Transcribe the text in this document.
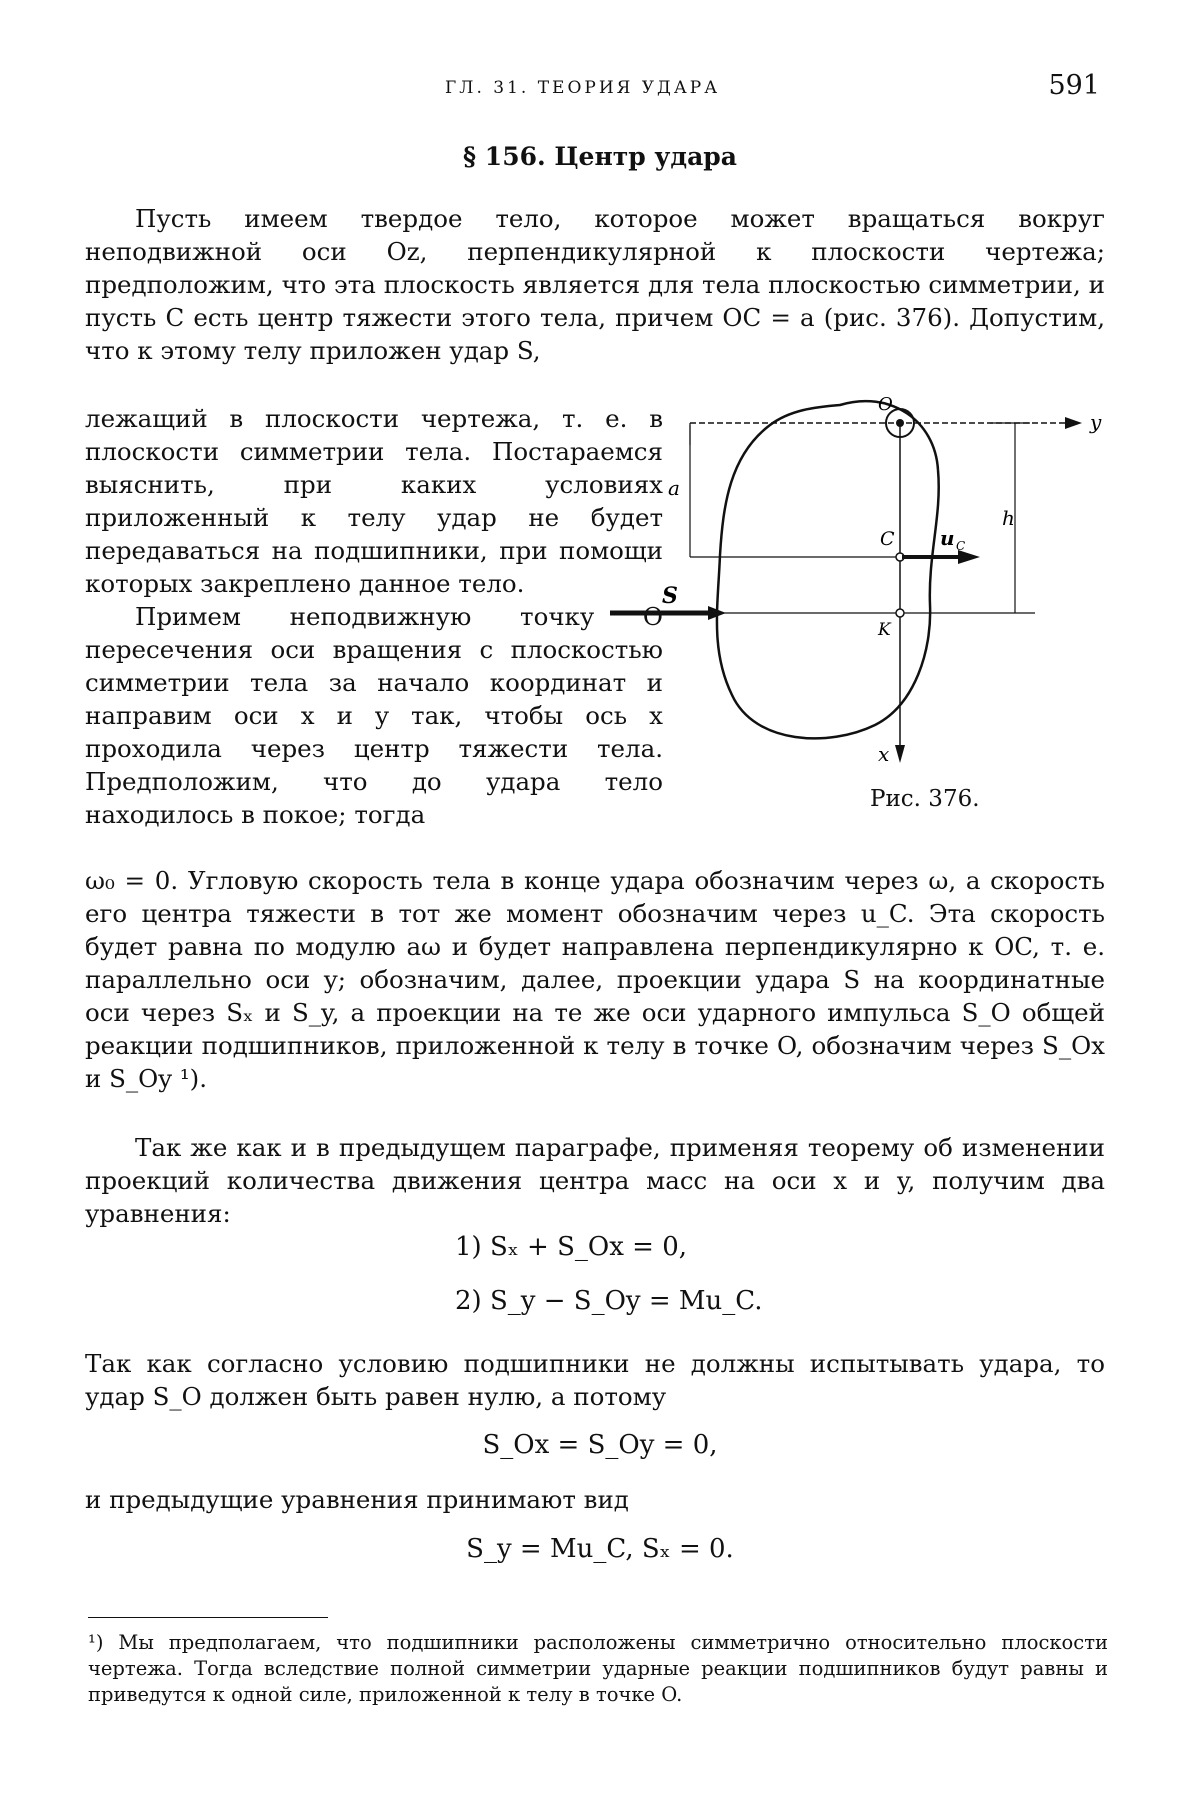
ГЛ. 31. ТЕОРИЯ УДАРА	591
§ 156. Центр удара
Пусть имеем твердое тело, которое может вращаться вокруг неподвижной оси Oz, перпендикулярной к плоскости чертежа; предположим, что эта плоскость является для тела плоскостью симметрии, и пусть C есть центр тяжести этого тела, причем OC = a (рис. 376). Допустим, что к этому телу приложен удар S,
лежащий в плоскости чертежа, т. е. в плоскости симметрии тела. Постараемся выяснить, при каких условиях приложенный к телу удар не будет передаваться на подшипники, при помощи которых закреплено данное тело.
Примем неподвижную точку O пересечения оси вращения с плоскостью симметрии тела за начало координат и направим оси x и y так, чтобы ось x проходила через центр тяжести тела. Предположим, что до удара тело находилось в покое; тогда
O
y
a
h
C u C
S
K
x
Рис. 376.
ω₀ = 0. Угловую скорость тела в конце удара обозначим через ω, а скорость его центра тяжести в тот же момент обозначим через u_C. Эта скорость будет равна по модулю aω и будет направлена перпендикулярно к OC, т. е. параллельно оси y; обозначим, далее, проекции удара S на координатные оси через Sₓ и S_y, а проекции на те же оси ударного импульса S_O общей реакции подшипников, приложенной к телу в точке O, обозначим через S_Ox и S_Oy ¹).
Так же как и в предыдущем параграфе, применяя теорему об изменении проекций количества движения центра масс на оси x и y, получим два уравнения:
1) Sₓ + S_Ox = 0,
2) S_y − S_Oy = Mu_C.
Так как согласно условию подшипники не должны испытывать удара, то удар S_O должен быть равен нулю, а потому
S_Ox = S_Oy = 0,
и предыдущие уравнения принимают вид
S_y = Mu_C, Sₓ = 0.
¹) Мы предполагаем, что подшипники расположены симметрично относительно плоскости чертежа. Тогда вследствие полной симметрии ударные реакции подшипников будут равны и приведутся к одной силе, приложенной к телу в точке O.
